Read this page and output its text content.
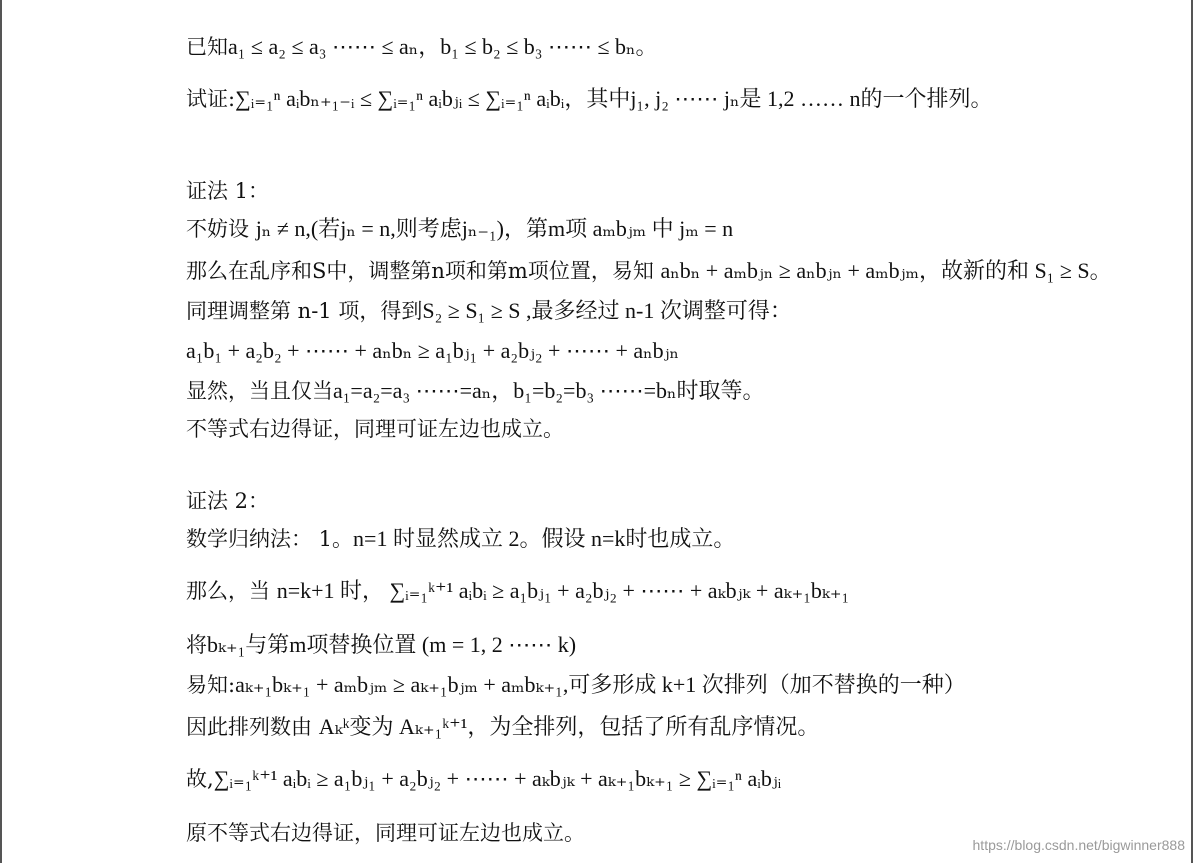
已知a₁ ≤ a₂ ≤ a₃ ⋯⋯ ≤ aₙ，b₁ ≤ b₂ ≤ b₃ ⋯⋯ ≤ bₙ。
试证:∑ᵢ₌₁ⁿ aᵢbₙ₊₁₋ᵢ ≤ ∑ᵢ₌₁ⁿ aᵢbⱼᵢ ≤ ∑ᵢ₌₁ⁿ aᵢbᵢ，其中j₁, j₂ ⋯⋯ jₙ是 1,2 …… n的一个排列。
证法 1：
不妨设 jₙ ≠ n,(若jₙ = n,则考虑jₙ₋₁)，第m项 aₘbⱼₘ 中 jₘ = n
那么在乱序和S中，调整第n项和第m项位置，易知 aₙbₙ + aₘbⱼₙ ≥ aₙbⱼₙ + aₘbⱼₘ，故新的和 S₁ ≥ S。
同理调整第 n-1 项，得到S₂ ≥ S₁ ≥ S ,最多经过 n-1 次调整可得：
a₁b₁ + a₂b₂ + ⋯⋯ + aₙbₙ ≥ a₁bⱼ₁ + a₂bⱼ₂ + ⋯⋯ + aₙbⱼₙ
显然，当且仅当a₁=a₂=a₃ ⋯⋯=aₙ，b₁=b₂=b₃ ⋯⋯=bₙ时取等。
不等式右边得证，同理可证左边也成立。
证法 2：
数学归纳法： 1。n=1 时显然成立 2。假设 n=k时也成立。
那么，当 n=k+1 时， ∑ᵢ₌₁ᵏ⁺¹ aᵢbᵢ ≥ a₁bⱼ₁ + a₂bⱼ₂ + ⋯⋯ + aₖbⱼₖ + aₖ₊₁bₖ₊₁
将bₖ₊₁与第m项替换位置 (m = 1, 2 ⋯⋯ k)
易知:aₖ₊₁bₖ₊₁ + aₘbⱼₘ ≥ aₖ₊₁bⱼₘ + aₘbₖ₊₁,可多形成 k+1 次排列（加不替换的一种）
因此排列数由 Aₖᵏ变为 Aₖ₊₁ᵏ⁺¹，为全排列，包括了所有乱序情况。
故,∑ᵢ₌₁ᵏ⁺¹ aᵢbᵢ ≥ a₁bⱼ₁ + a₂bⱼ₂ + ⋯⋯ + aₖbⱼₖ + aₖ₊₁bₖ₊₁ ≥ ∑ᵢ₌₁ⁿ aᵢbⱼᵢ
原不等式右边得证，同理可证左边也成立。	https://blog.csdn.net/bigwinner888
